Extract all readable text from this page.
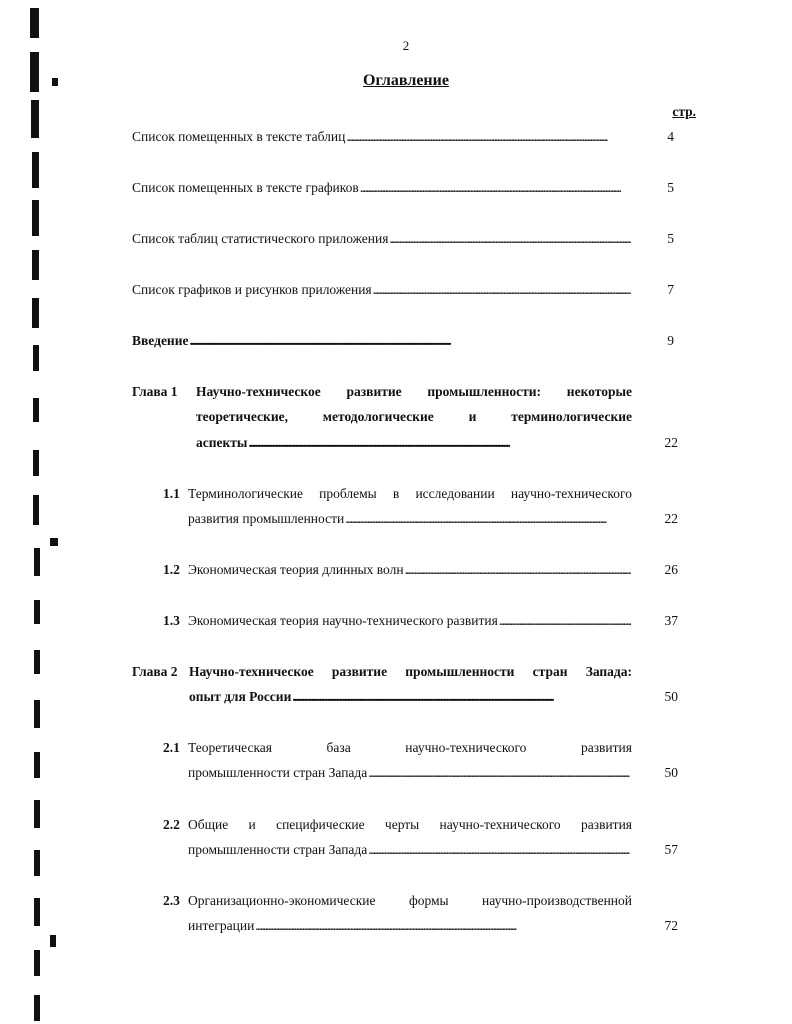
2
Оглавление
стр.
Список помещенных в тексте таблиц . . .	4
Список помещенных в тексте графиков . . .	5
Список таблиц статистического приложения . . .	5
Список графиков и рисунков приложения . . .	7
Введение . . .	9
Глава 1	Научно-техническое развитие промышленности: некоторые
теоретические, методологические и терминологические
аспекты . . .	22
1.1 Терминологические проблемы в исследовании научно-технического
развития промышленности . . .	22
1.2 Экономическая теория длинных волн . . .	26
1.3 Экономическая теория научно-технического развития . . .	37
Глава 2 Научно-техническое развитие промышленности стран Запада:
опыт для России . . .	50
2.1 Теоретическая база научно-технического развития
промышленности стран Запада . . .	50
2.2 Общие и специфические черты научно-технического развития
промышленности стран Запада . . .	57
2.3 Организационно-экономические формы научно-производственной
интеграции . . .	72
